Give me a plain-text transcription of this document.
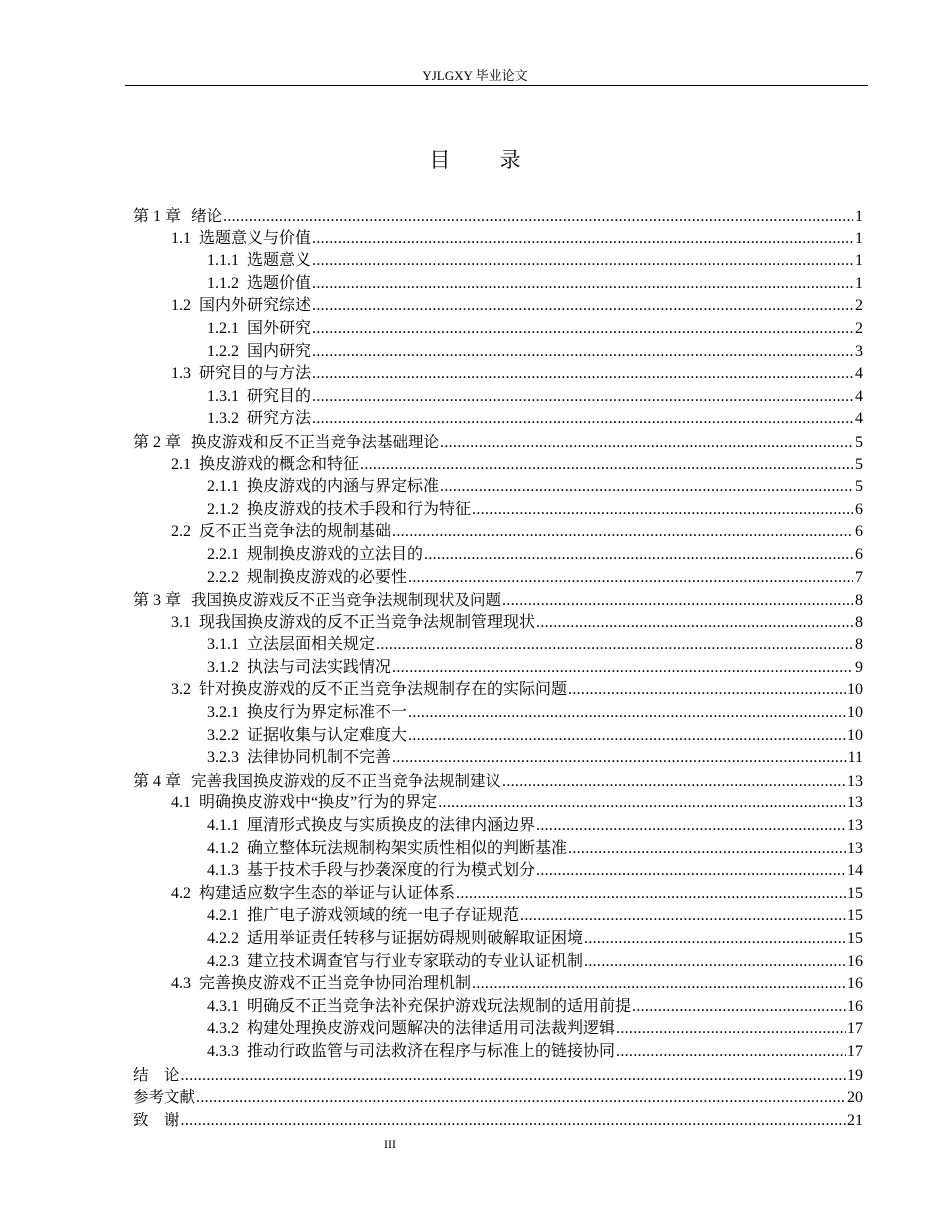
YJLGXY 毕业论文
目 录
第 1 章 绪论 .....	1
1.1 选题意义与价值 .....	1
1.1.1 选题意义 .....	1
1.1.2 选题价值 .....	1
1.2 国内外研究综述 .....	2
1.2.1 国外研究 .....	2
1.2.2 国内研究 .....	3
1.3 研究目的与方法 .....	4
1.3.1 研究目的 .....	4
1.3.2 研究方法 .....	4
第 2 章 换皮游戏和反不正当竞争法基础理论 .....	5
2.1 换皮游戏的概念和特征 .....	5
2.1.1 换皮游戏的内涵与界定标准 .....	5
2.1.2 换皮游戏的技术手段和行为特征 .....	6
2.2 反不正当竞争法的规制基础 .....	6
2.2.1 规制换皮游戏的立法目的 .....	6
2.2.2 规制换皮游戏的必要性 .....	7
第 3 章 我国换皮游戏反不正当竞争法规制现状及问题 .....	8
3.1 现我国换皮游戏的反不正当竞争法规制管理现状 .....	8
3.1.1 立法层面相关规定 .....	8
3.1.2 执法与司法实践情况 .....	9
3.2 针对换皮游戏的反不正当竞争法规制存在的实际问题 .....	10
3.2.1 换皮行为界定标准不一 .....	10
3.2.2 证据收集与认定难度大 .....	10
3.2.3 法律协同机制不完善 .....	11
第 4 章 完善我国换皮游戏的反不正当竞争法规制建议 .....	13
4.1 明确换皮游戏中“换皮”行为的界定 .....	13
4.1.1 厘清形式换皮与实质换皮的法律内涵边界 .....	13
4.1.2 确立整体玩法规制构架实质性相似的判断基准 .....	13
4.1.3 基于技术手段与抄袭深度的行为模式划分 .....	14
4.2 构建适应数字生态的举证与认证体系 .....	15
4.2.1 推广电子游戏领域的统一电子存证规范 .....	15
4.2.2 适用举证责任转移与证据妨碍规则破解取证困境 .....	15
4.2.3 建立技术调查官与行业专家联动的专业认证机制 .....	16
4.3 完善换皮游戏不正当竞争协同治理机制 .....	16
4.3.1 明确反不正当竞争法补充保护游戏玩法规制的适用前提 .....	16
4.3.2 构建处理换皮游戏问题解决的法律适用司法裁判逻辑 .....	17
4.3.3 推动行政监管与司法救济在程序与标准上的链接协同 .....	17
结　论 .....	19
参考文献 .....	20
致　谢 .....	21
III
